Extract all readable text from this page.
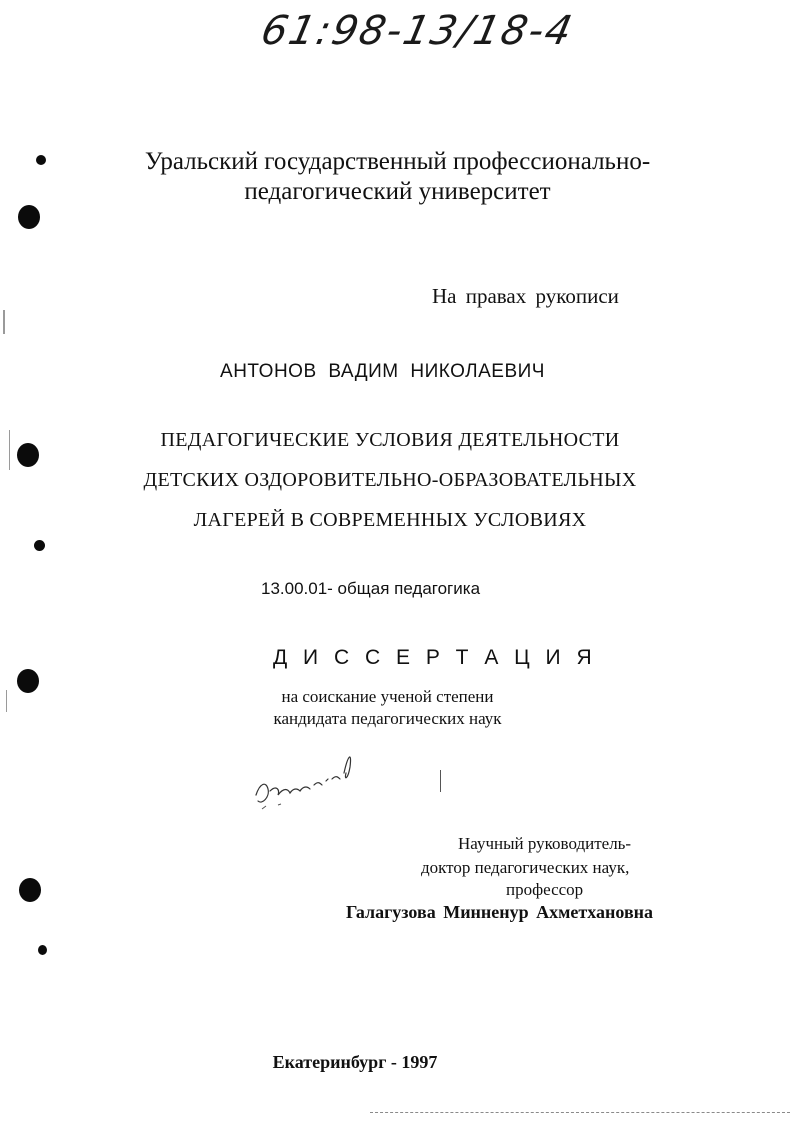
61:98-13/18-4
Уральский государственный профессионально-
педагогический университет
На правах рукописи
АНТОНОВ ВАДИМ НИКОЛАЕВИЧ
ПЕДАГОГИЧЕСКИЕ УСЛОВИЯ ДЕЯТЕЛЬНОСТИ
ДЕТСКИХ ОЗДОРОВИТЕЛЬНО-ОБРАЗОВАТЕЛЬНЫХ
ЛАГЕРЕЙ В СОВРЕМЕННЫХ УСЛОВИЯХ
13.00.01- общая педагогика
Д И С С Е Р Т А Ц И Я
на соискание ученой степени
кандидата педагогических наук
Научный руководитель-
доктор педагогических наук,
профессор
Галагузова Минненур Ахметхановна
Екатеринбург - 1997
